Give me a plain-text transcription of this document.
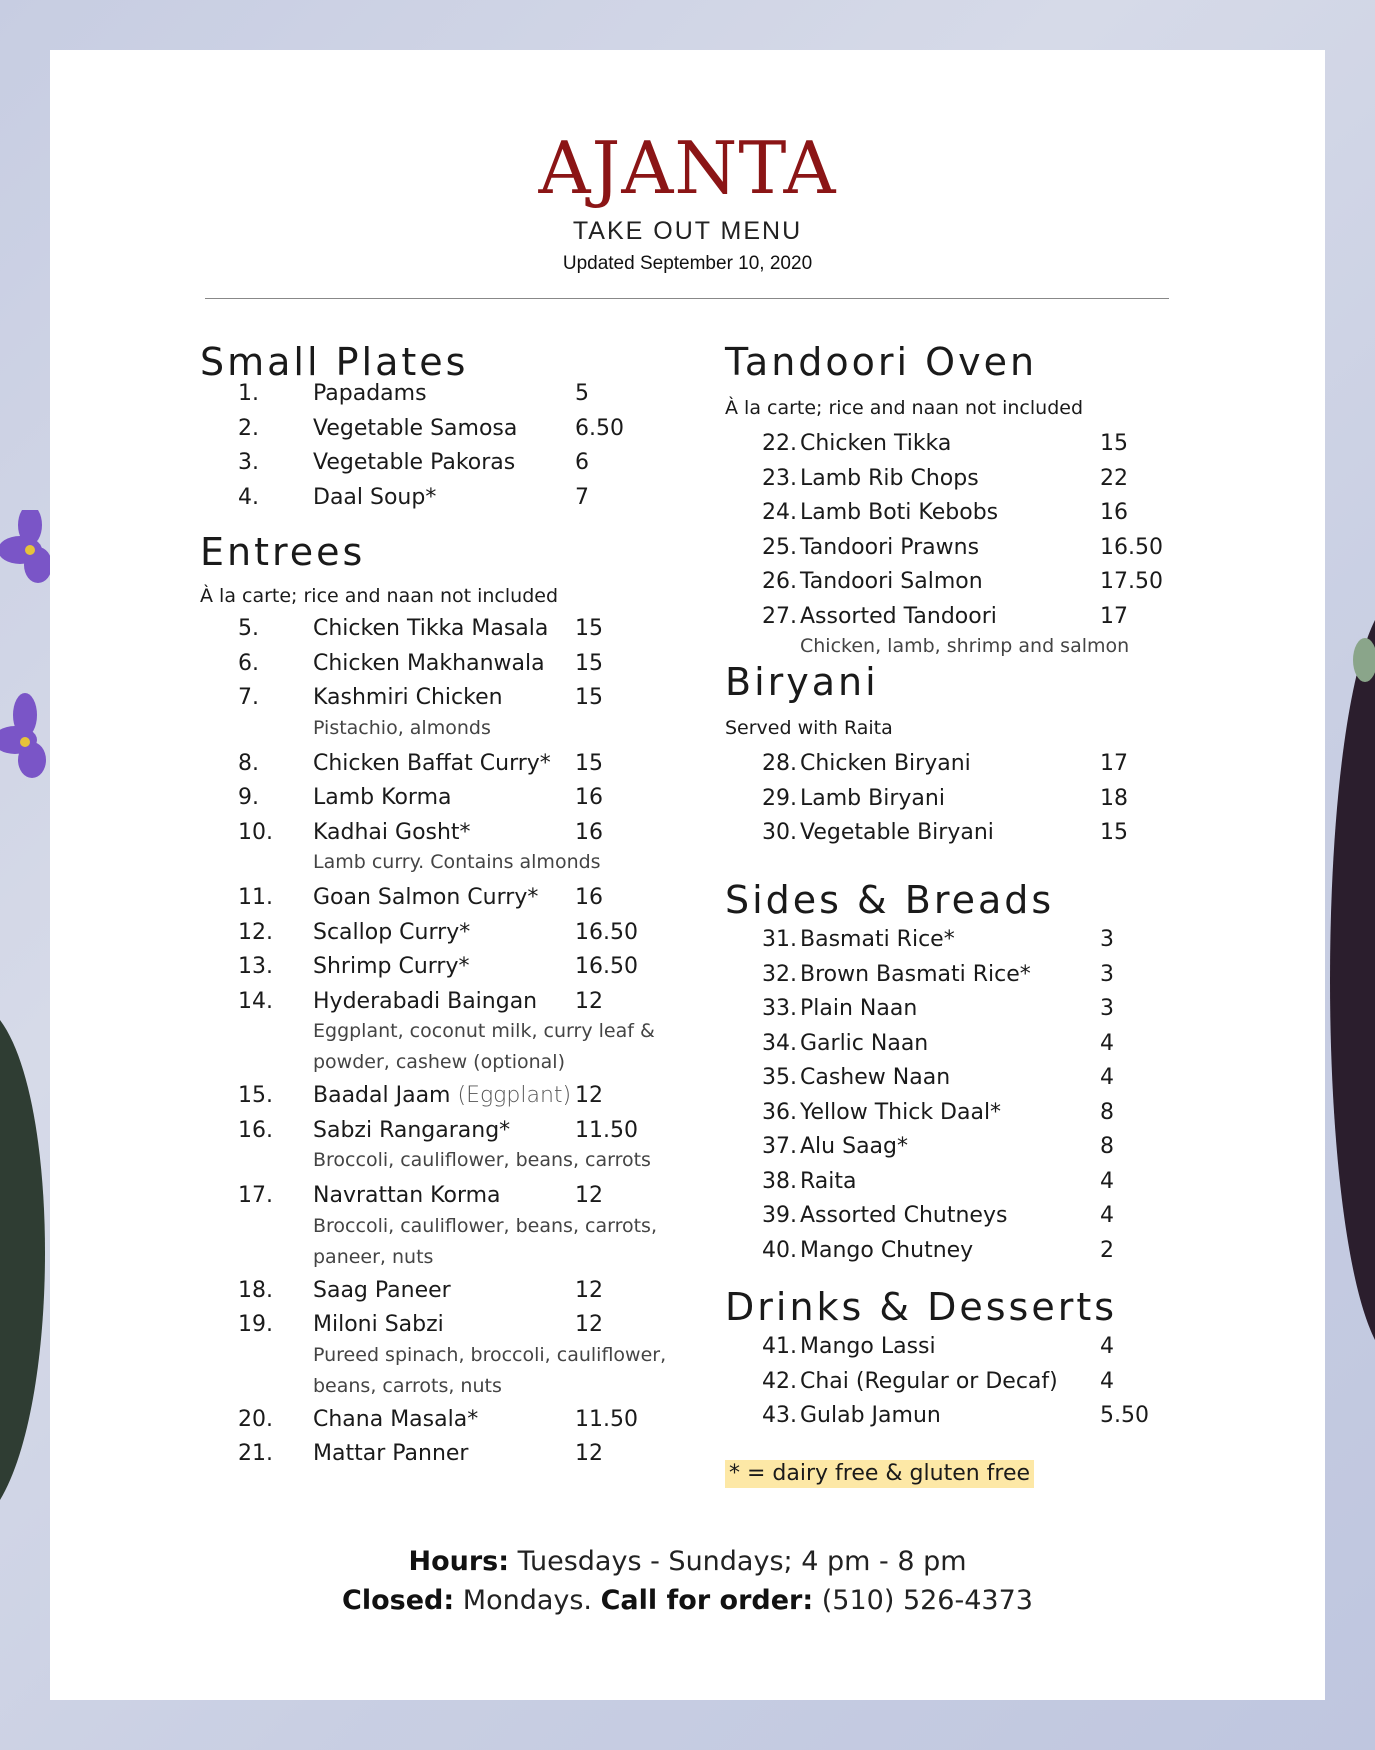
AJANTA
TAKE OUT MENU
Updated September 10, 2020
Small Plates
1. Papadams	5
2. Vegetable Samosa	6.50
3. Vegetable Pakoras	6
4. Daal Soup*	7
Entrees
À la carte; rice and naan not included
5. Chicken Tikka Masala 15
6. Chicken Makhanwala 15
7. Kashmiri Chicken	15
Pistachio, almonds
8. Chicken Baffat Curry* 15
9. Lamb Korma	16
10. Kadhai Gosht*	16
Lamb curry. Contains almonds
11. Goan Salmon Curry* 16
12. Scallop Curry*	16.50
13. Shrimp Curry*	16.50
14. Hyderabadi Baingan 12
Eggplant, coconut milk, curry leaf &
powder, cashew (optional)
15. Baadal Jaam (Eggplant) 12
16. Sabzi Rangarang*	11.50
Broccoli, cauliflower, beans, carrots
17. Navrattan Korma	12
Broccoli, cauliflower, beans, carrots,
paneer, nuts
18. Saag Paneer	12
19. Miloni Sabzi	12
Pureed spinach, broccoli, cauliflower,
beans, carrots, nuts
20. Chana Masala*	11.50
21. Mattar Panner	12
Tandoori Oven
À la carte; rice and naan not included
22. Chicken Tikka	15
23. Lamb Rib Chops	22
24. Lamb Boti Kebobs	16
25. Tandoori Prawns	16.50
26. Tandoori Salmon	17.50
27. Assorted Tandoori	17
Chicken, lamb, shrimp and salmon
Biryani
Served with Raita
28. Chicken Biryani	17
29. Lamb Biryani	18
30. Vegetable Biryani	15
Sides & Breads
31. Basmati Rice*	3
32. Brown Basmati Rice*	3
33. Plain Naan	3
34. Garlic Naan	4
35. Cashew Naan	4
36. Yellow Thick Daal*	8
37. Alu Saag*	8
38. Raita	4
39. Assorted Chutneys	4
40. Mango Chutney	2
Drinks & Desserts
41. Mango Lassi	4
42. Chai (Regular or Decaf) 4
43. Gulab Jamun	5.50
* = dairy free & gluten free
Hours: Tuesdays - Sundays; 4 pm - 8 pm
Closed: Mondays. Call for order: (510) 526-4373
